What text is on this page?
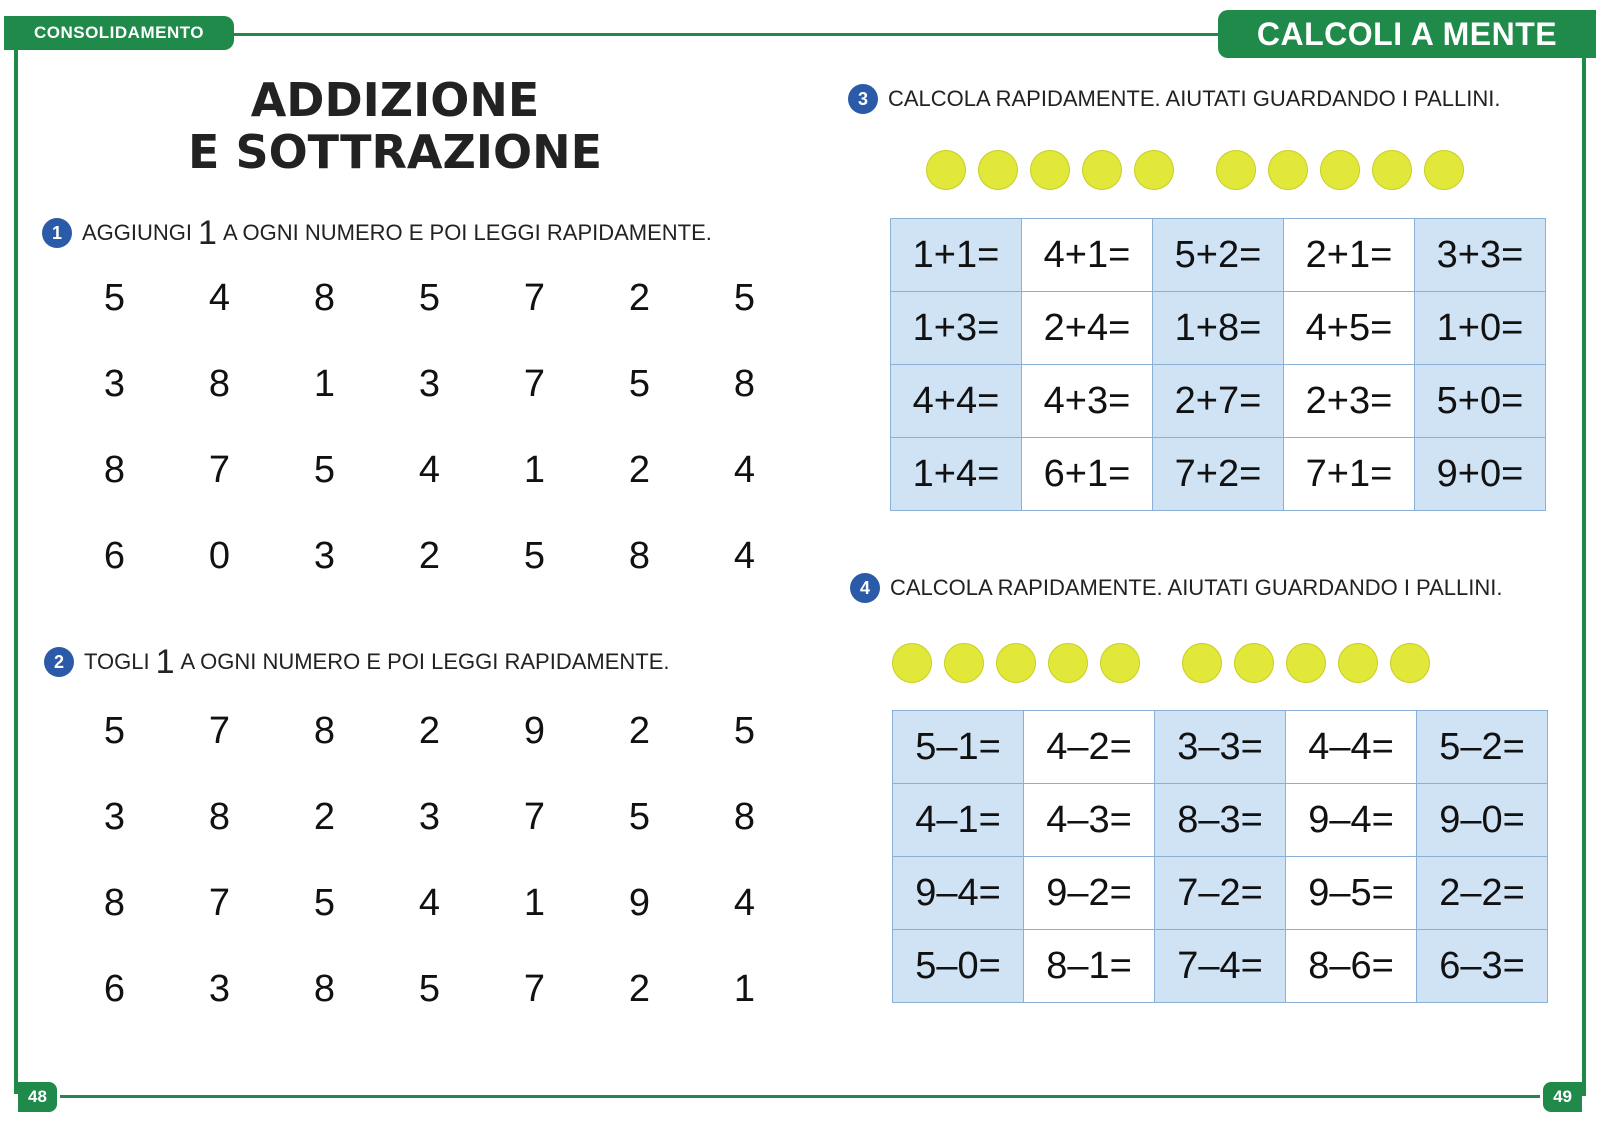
CONSOLIDAMENTO	CALCOLI A MENTE
ADDIZIONE
E SOTTRAZIONE
1 AGGIUNGI 1 A OGNI NUMERO E POI LEGGI RAPIDAMENTE.
5	4	8	5	7	2	5
3	8	1	3	7	5	8
8	7	5	4	1	2	4
6	0	3	2	5	8	4
2 TOGLI 1 A OGNI NUMERO E POI LEGGI RAPIDAMENTE.
5	7	8	2	9	2	5
3	8	2	3	7	5	8
8	7	5	4	1	9	4
6	3	8	5	7	2	1
3 CALCOLA RAPIDAMENTE. AIUTATI GUARDANDO I PALLINI.
1+1=	4+1=	5+2=	2+1=	3+3=
1+3=	2+4=	1+8=	4+5=	1+0=
4+4=	4+3=	2+7=	2+3=	5+0=
1+4=	6+1=	7+2=	7+1=	9+0=
4 CALCOLA RAPIDAMENTE. AIUTATI GUARDANDO I PALLINI.
5–1=	4–2=	3–3=	4–4=	5–2=
4–1=	4–3=	8–3=	9–4=	9–0=
9–4=	9–2=	7–2=	9–5=	2–2=
5–0=	8–1=	7–4=	8–6=	6–3=
48	49
